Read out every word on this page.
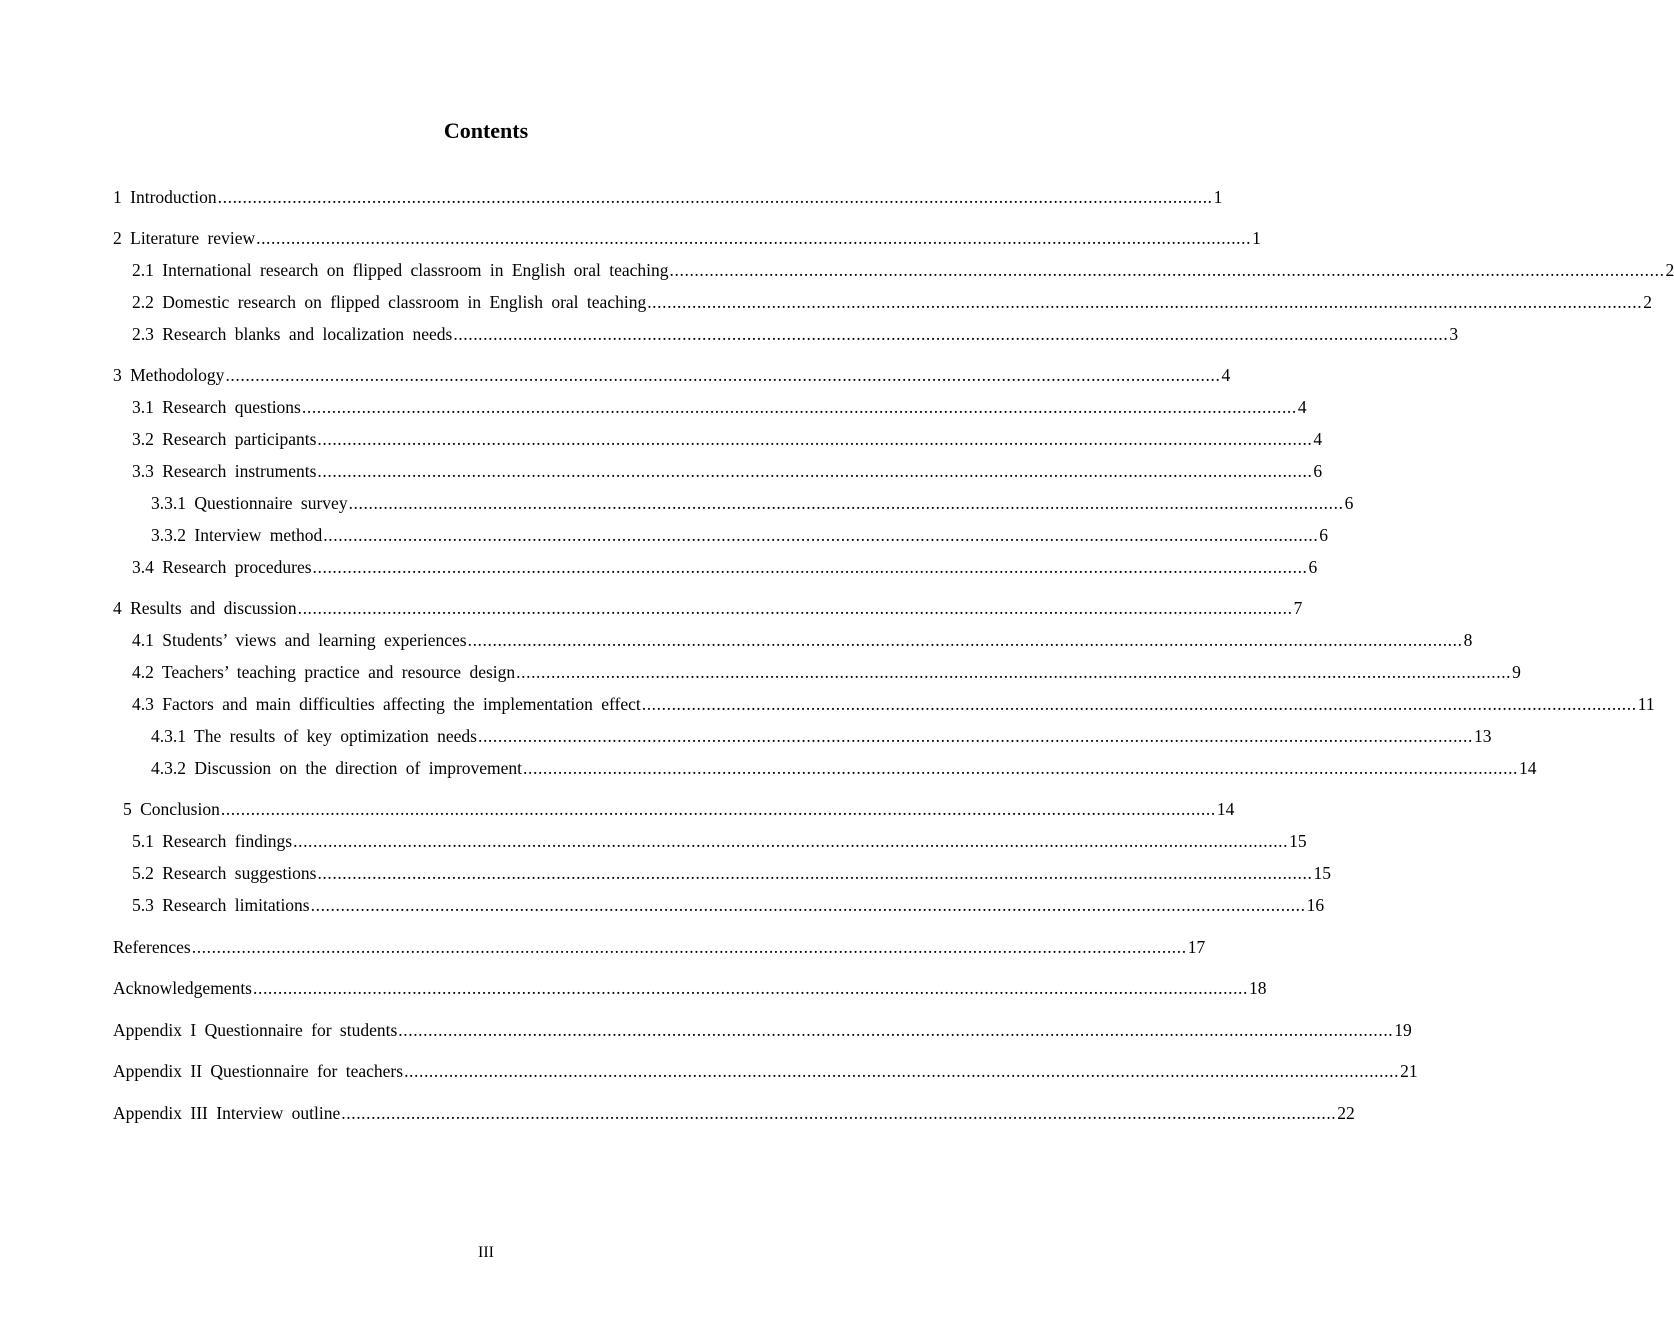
Contents
1 Introduction ........................................................................................................................................................................................................ 1
2 Literature review ........................................................................................................................................................................................................ 1
2.1 International research on flipped classroom in English oral teaching ........................................................................................................................................................................................................ 2
2.2 Domestic research on flipped classroom in English oral teaching ........................................................................................................................................................................................................ 2
2.3 Research blanks and localization needs ........................................................................................................................................................................................................ 3
3 Methodology ........................................................................................................................................................................................................ 4
3.1 Research questions ........................................................................................................................................................................................................ 4
3.2 Research participants ........................................................................................................................................................................................................ 4
3.3 Research instruments ........................................................................................................................................................................................................ 6
3.3.1 Questionnaire survey ........................................................................................................................................................................................................ 6
3.3.2 Interview method ........................................................................................................................................................................................................ 6
3.4 Research procedures ........................................................................................................................................................................................................ 6
4 Results and discussion ........................................................................................................................................................................................................ 7
4.1 Students’ views and learning experiences ........................................................................................................................................................................................................ 8
4.2 Teachers’ teaching practice and resource design ........................................................................................................................................................................................................ 9
4.3 Factors and main difficulties affecting the implementation effect ........................................................................................................................................................................................................ 11
4.3.1 The results of key optimization needs ........................................................................................................................................................................................................ 13
4.3.2 Discussion on the direction of improvement ........................................................................................................................................................................................................ 14
5 Conclusion ........................................................................................................................................................................................................ 14
5.1 Research findings ........................................................................................................................................................................................................ 15
5.2 Research suggestions ........................................................................................................................................................................................................ 15
5.3 Research limitations ........................................................................................................................................................................................................ 16
References ........................................................................................................................................................................................................ 17
Acknowledgements ........................................................................................................................................................................................................ 18
Appendix I Questionnaire for students ........................................................................................................................................................................................................ 19
Appendix II Questionnaire for teachers ........................................................................................................................................................................................................ 21
Appendix III Interview outline ........................................................................................................................................................................................................ 22
III
